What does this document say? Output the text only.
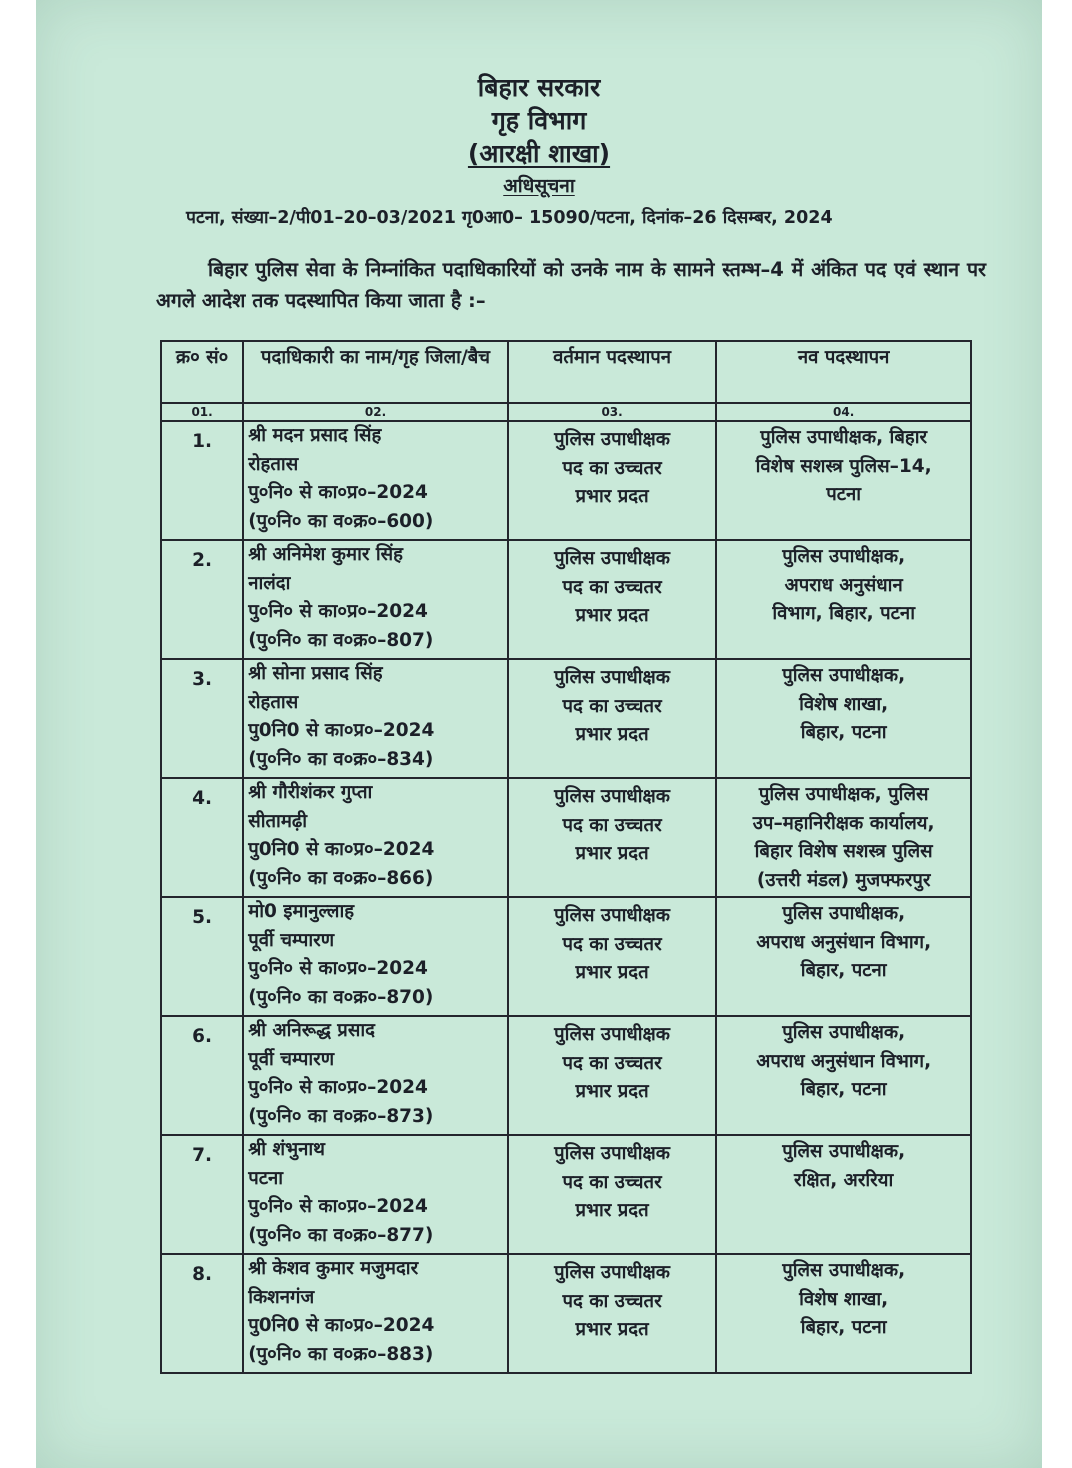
बिहार सरकार
गृह विभाग
(आरक्षी शाखा)
अधिसूचना
पटना, संख्या–2/पी01–20–03/2021 गृ0आ0– 15090/पटना, दिनांक–26 दिसम्बर, 2024
बिहार पुलिस सेवा के निम्नांकित पदाधिकारियों को उनके नाम के सामने स्तम्भ–4 में अंकित पद एवं स्थान पर अगले आदेश तक पदस्थापित किया जाता है :–
क्र० सं०	पदाधिकारी का नाम/गृह जिला/बैच	वर्तमान पदस्थापन	नव पदस्थापन
01.	02.	03.	04.
1.	श्री मदन प्रसाद सिंह
रोहतास
पु०नि० से का०प्र०–2024
(पु०नि० का व०क्र०–600)	पुलिस उपाधीक्षक
पद का उच्चतर
प्रभार प्रदत	पुलिस उपाधीक्षक, बिहार
विशेष सशस्त्र पुलिस–14,
पटना

2.	श्री अनिमेश कुमार सिंह
नालंदा
पु०नि० से का०प्र०–2024
(पु०नि० का व०क्र०–807)	पुलिस उपाधीक्षक
पद का उच्चतर
प्रभार प्रदत	पुलिस उपाधीक्षक,
अपराध अनुसंधान
विभाग, बिहार, पटना

3.	श्री सोना प्रसाद सिंह
रोहतास
पु0नि0 से का०प्र०–2024
(पु०नि० का व०क्र०–834)	पुलिस उपाधीक्षक
पद का उच्चतर
प्रभार प्रदत	पुलिस उपाधीक्षक,
विशेष शाखा,
बिहार, पटना

4.	श्री गौरीशंकर गुप्ता
सीतामढ़ी
पु0नि0 से का०प्र०–2024
(पु०नि० का व०क्र०–866)	पुलिस उपाधीक्षक
पद का उच्चतर
प्रभार प्रदत	पुलिस उपाधीक्षक, पुलिस
उप–महानिरीक्षक कार्यालय,
बिहार विशेष सशस्त्र पुलिस
(उत्तरी मंडल) मुजफ्फरपुर

5.	मो0 इमानुल्लाह
पूर्वी चम्पारण
पु०नि० से का०प्र०–2024
(पु०नि० का व०क्र०–870)	पुलिस उपाधीक्षक
पद का उच्चतर
प्रभार प्रदत	पुलिस उपाधीक्षक,
अपराध अनुसंधान विभाग,
बिहार, पटना

6.	श्री अनिरूद्ध प्रसाद
पूर्वी चम्पारण
पु०नि० से का०प्र०–2024
(पु०नि० का व०क्र०–873)	पुलिस उपाधीक्षक
पद का उच्चतर
प्रभार प्रदत	पुलिस उपाधीक्षक,
अपराध अनुसंधान विभाग,
बिहार, पटना

7.	श्री शंभुनाथ
पटना
पु०नि० से का०प्र०–2024
(पु०नि० का व०क्र०–877)	पुलिस उपाधीक्षक
पद का उच्चतर
प्रभार प्रदत	पुलिस उपाधीक्षक,
रक्षित, अररिया

8.	श्री केशव कुमार मजुमदार
किशनगंज
पु0नि0 से का०प्र०–2024
(पु०नि० का व०क्र०–883)	पुलिस उपाधीक्षक
पद का उच्चतर
प्रभार प्रदत	पुलिस उपाधीक्षक,
विशेष शाखा,
बिहार, पटना
